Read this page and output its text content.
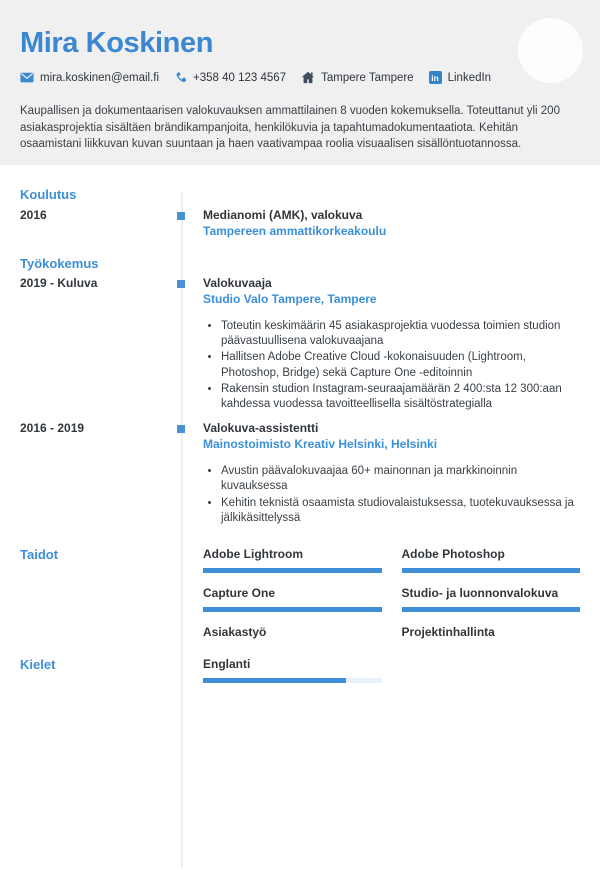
Mira Koskinen
mira.koskinen@email.fi	+358 40 123 4567	Tampere Tampere in LinkedIn

Kaupallisen ja dokumentaarisen valokuvauksen ammattilainen 8 vuoden kokemuksella. Toteuttanut yli 200 asiakasprojektia sisältäen brändikampanjoita, henkilökuvia ja tapahtumadokumentaatiota. Kehitän osaamistani liikkuvan kuvan suuntaan ja haen vaativampaa roolia visuaalisen sisällöntuotannossa.

Koulutus
2016	Medianomi (AMK), valokuva
Tampereen ammattikorkeakoulu
Työkokemus
2019 - Kuluva	Valokuvaaja
Studio Valo Tampere, Tampere
• Toteutin keskimäärin 45 asiakasprojektia vuodessa toimien studion päävastuullisena valokuvaajana
• Hallitsen Adobe Creative Cloud -kokonaisuuden (Lightroom, Photoshop, Bridge) sekä Capture One -editoinnin
• Rakensin studion Instagram-seuraajamäärän 2 400:sta 12 300:aan kahdessa vuodessa tavoitteellisella sisältöstrategialla
2016 - 2019	Valokuva-assistentti
Mainostoimisto Kreativ Helsinki, Helsinki
• Avustin päävalokuvaajaa 60+ mainonnan ja markkinoinnin kuvauksessa
• Kehitin teknistä osaamista studiovalaistuksessa, tuotekuvauksessa ja jälkikäsittelyssä
Taidot	Adobe Lightroom	Adobe Photoshop
Capture One	Studio- ja luonnonvalokuva
Asiakastyö	Projektinhallinta
Kielet	Englanti
